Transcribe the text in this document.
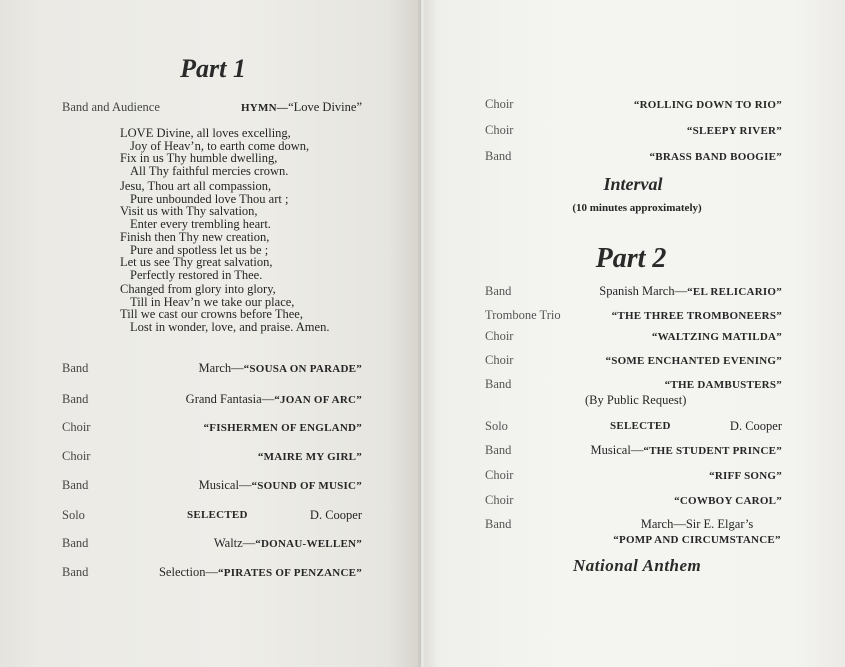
Part 1
Band and Audience	HYMN—“Love Divine”
LOVE Divine, all loves excelling,
Joy of Heav’n, to earth come down,
Fix in us Thy humble dwelling,
All Thy faithful mercies crown.
Jesu, Thou art all compassion,
Pure unbounded love Thou art ;
Visit us with Thy salvation,
Enter every trembling heart.
Finish then Thy new creation,
Pure and spotless let us be ;
Let us see Thy great salvation,
Perfectly restored in Thee.
Changed from glory into glory,
Till in Heav’n we take our place,
Till we cast our crowns before Thee,
Lost in wonder, love, and praise. Amen.
Band	March—“SOUSA ON PARADE”
Band	Grand Fantasia—“JOAN OF ARC”
Choir	“FISHERMEN OF ENGLAND”
Choir	“MAIRE MY GIRL”
Band	Musical—“SOUND OF MUSIC”
Solo	SELECTED	D. Cooper
Band	Waltz—“DONAU-WELLEN”
Band	Selection—“PIRATES OF PENZANCE”
Choir	“ROLLING DOWN TO RIO”
Choir	“SLEEPY RIVER”
Band	“BRASS BAND BOOGIE”
Interval
(10 minutes approximately)
Part 2
Band	Spanish March—“EL RELICARIO”
Trombone Trio	“THE THREE TROMBONEERS”
Choir	“WALTZING MATILDA”
Choir	“SOME ENCHANTED EVENING”
Band	“THE DAMBUSTERS”
(By Public Request)
Solo	SELECTED	D. Cooper
Band	Musical—“THE STUDENT PRINCE”
Choir	“RIFF SONG”
Choir	“COWBOY CAROL”
Band	March—Sir E. Elgar’s
“POMP AND CIRCUMSTANCE”
National Anthem
